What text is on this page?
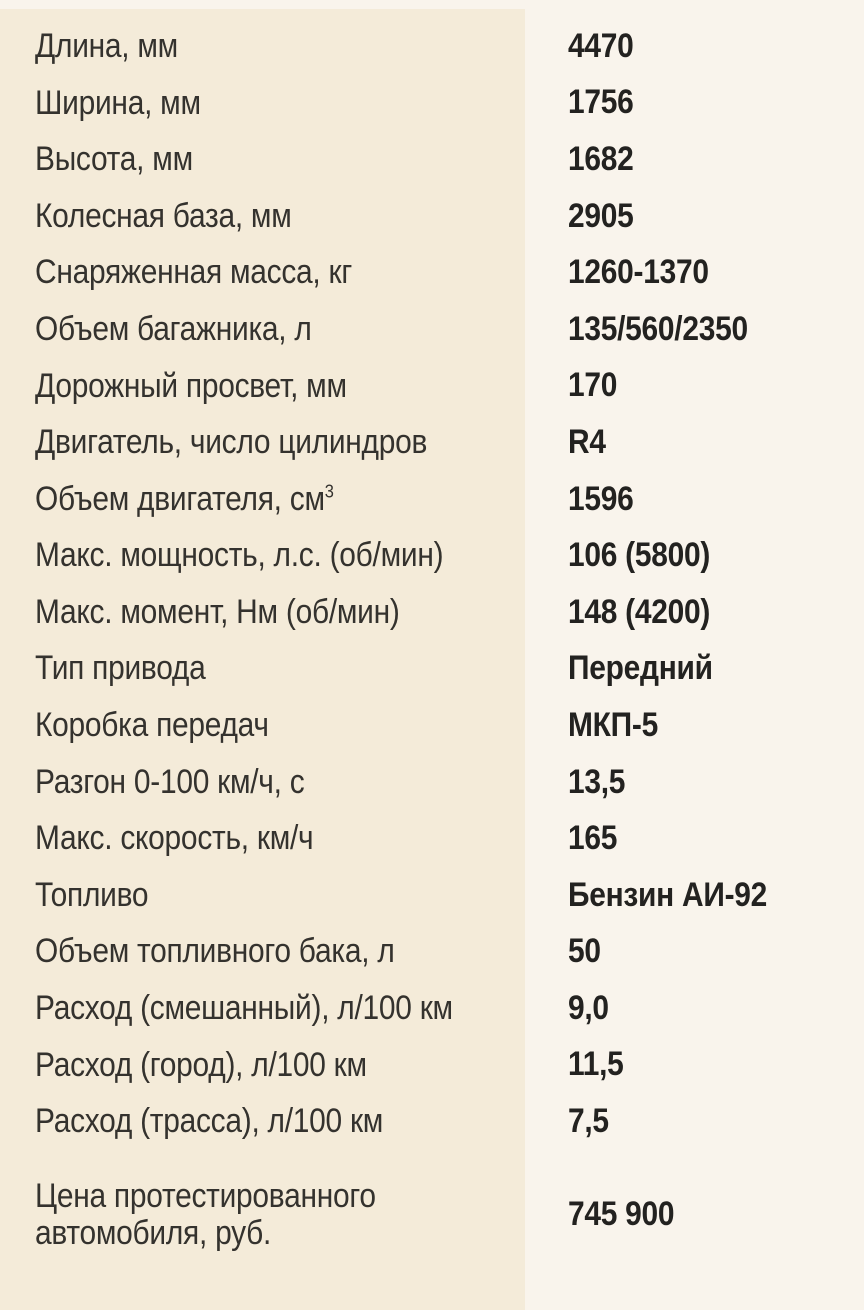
Длина, мм	4470
Ширина, мм	1756
Высота, мм	1682
Колесная база, мм	2905
Снаряженная масса, кг	1260-1370
Объем багажника, л	135/560/2350
Дорожный просвет, мм	170
Двигатель, число цилиндров	R4
Объем двигателя, $см^3$	1596
Макс. мощность, л.с. (об/мин)	106 (5800)
Макс. момент, Нм (об/мин)	148 (4200)
Тип привода	Передний
Коробка передач	МКП-5
Разгон 0-100 км/ч, с	13,5
Макс. скорость, км/ч	165
Топливо	Бензин АИ-92
Объем топливного бака, л	50
Расход (смешанный), л/100 км	9,0
Расход (город), л/100 км	11,5
Расход (трасса), л/100 км	7,5
Цена протестированного автомобиля, руб.	745 900
